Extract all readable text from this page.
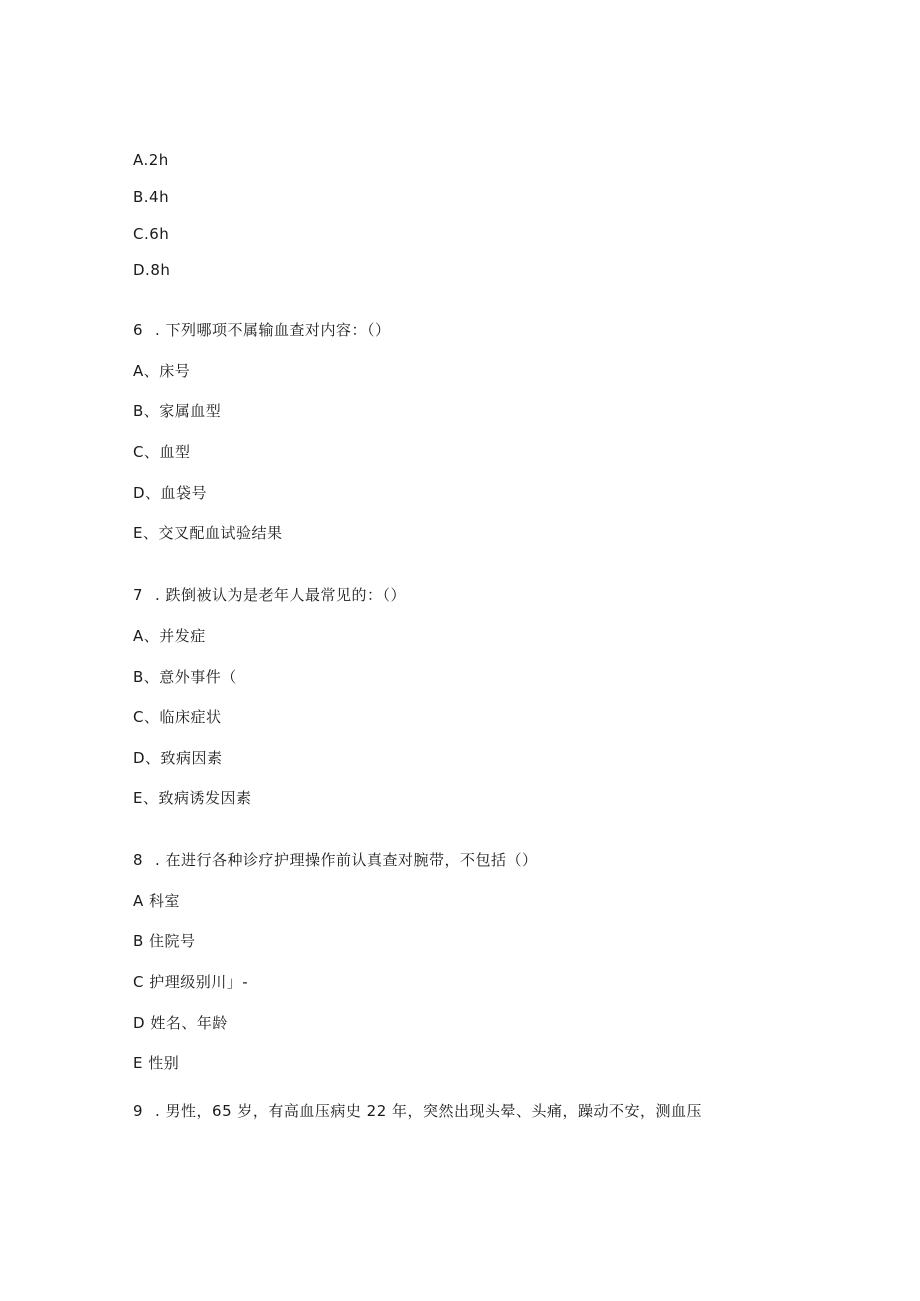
A.2h
B.4h
C.6h
D.8h
6 . 下列哪项不属输血查对内容：（）
A、床号
B、家属血型
C、血型
D、血袋号
E、交叉配血试验结果
7 . 跌倒被认为是老年人最常见的：（）
A、并发症
B、意外事件（
C、临床症状
D、致病因素
E、致病诱发因素
8 . 在进行各种诊疗护理操作前认真查对腕带，不包括（）
A 科室
B 住院号
C 护理级别川」-
D 姓名、年龄
E 性别
9 . 男性，65 岁，有高血压病史 22 年，突然出现头晕、头痛，躁动不安，测血压
